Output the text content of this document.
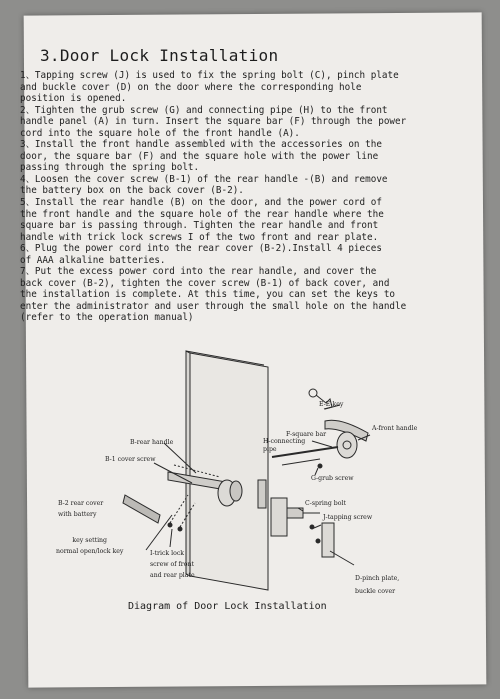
3.Door Lock Installation

1、Tapping screw (J) is used to fix the spring bolt (C), pinch plate
and buckle cover (D) on the door where the corresponding hole
position is opened.

2、Tighten the grub screw (G) and connecting pipe (H) to the front
handle panel (A) in turn. Insert the square bar (F) through the power
cord into the square hole of the front handle (A).

3、Install the front handle assembled with the accessories on the
door, the square bar (F) and the square hole with the power line
passing through the spring bolt.

4、Loosen the cover screw (B-1) of the rear handle -(B) and remove
the battery box on the back cover (B-2).

5、Install the rear handle (B) on the door, and the power cord of
the front handle and the square hole of the rear handle where the
square bar is passing through. Tighten the rear handle and front
handle with trick lock screws I of the two front and rear plate.

6、Plug the power cord into the rear cover (B-2).Install 4 pieces
of AAA alkaline batteries.

7、Put the excess power cord into the rear handle, and cover the
back cover (B-2), tighten the cover screw (B-1) of back cover, and
the installation is complete. At this time, you can set the keys to
enter the administrator and user through the small hole on the handle
(refer to the operation manual)

E-E-key
A-front handle
F-square bar
H-connecting
pipe
G-grub screw
B-rear handle
B-1 cover screw
B-2 rear cover
with battery
key setting
normal open/lock key	I-trick lock
screw of front
and rear plate
C-spring bolt
J-tapping screw
D-pinch plate,
buckle cover
Diagram of Door Lock Installation
